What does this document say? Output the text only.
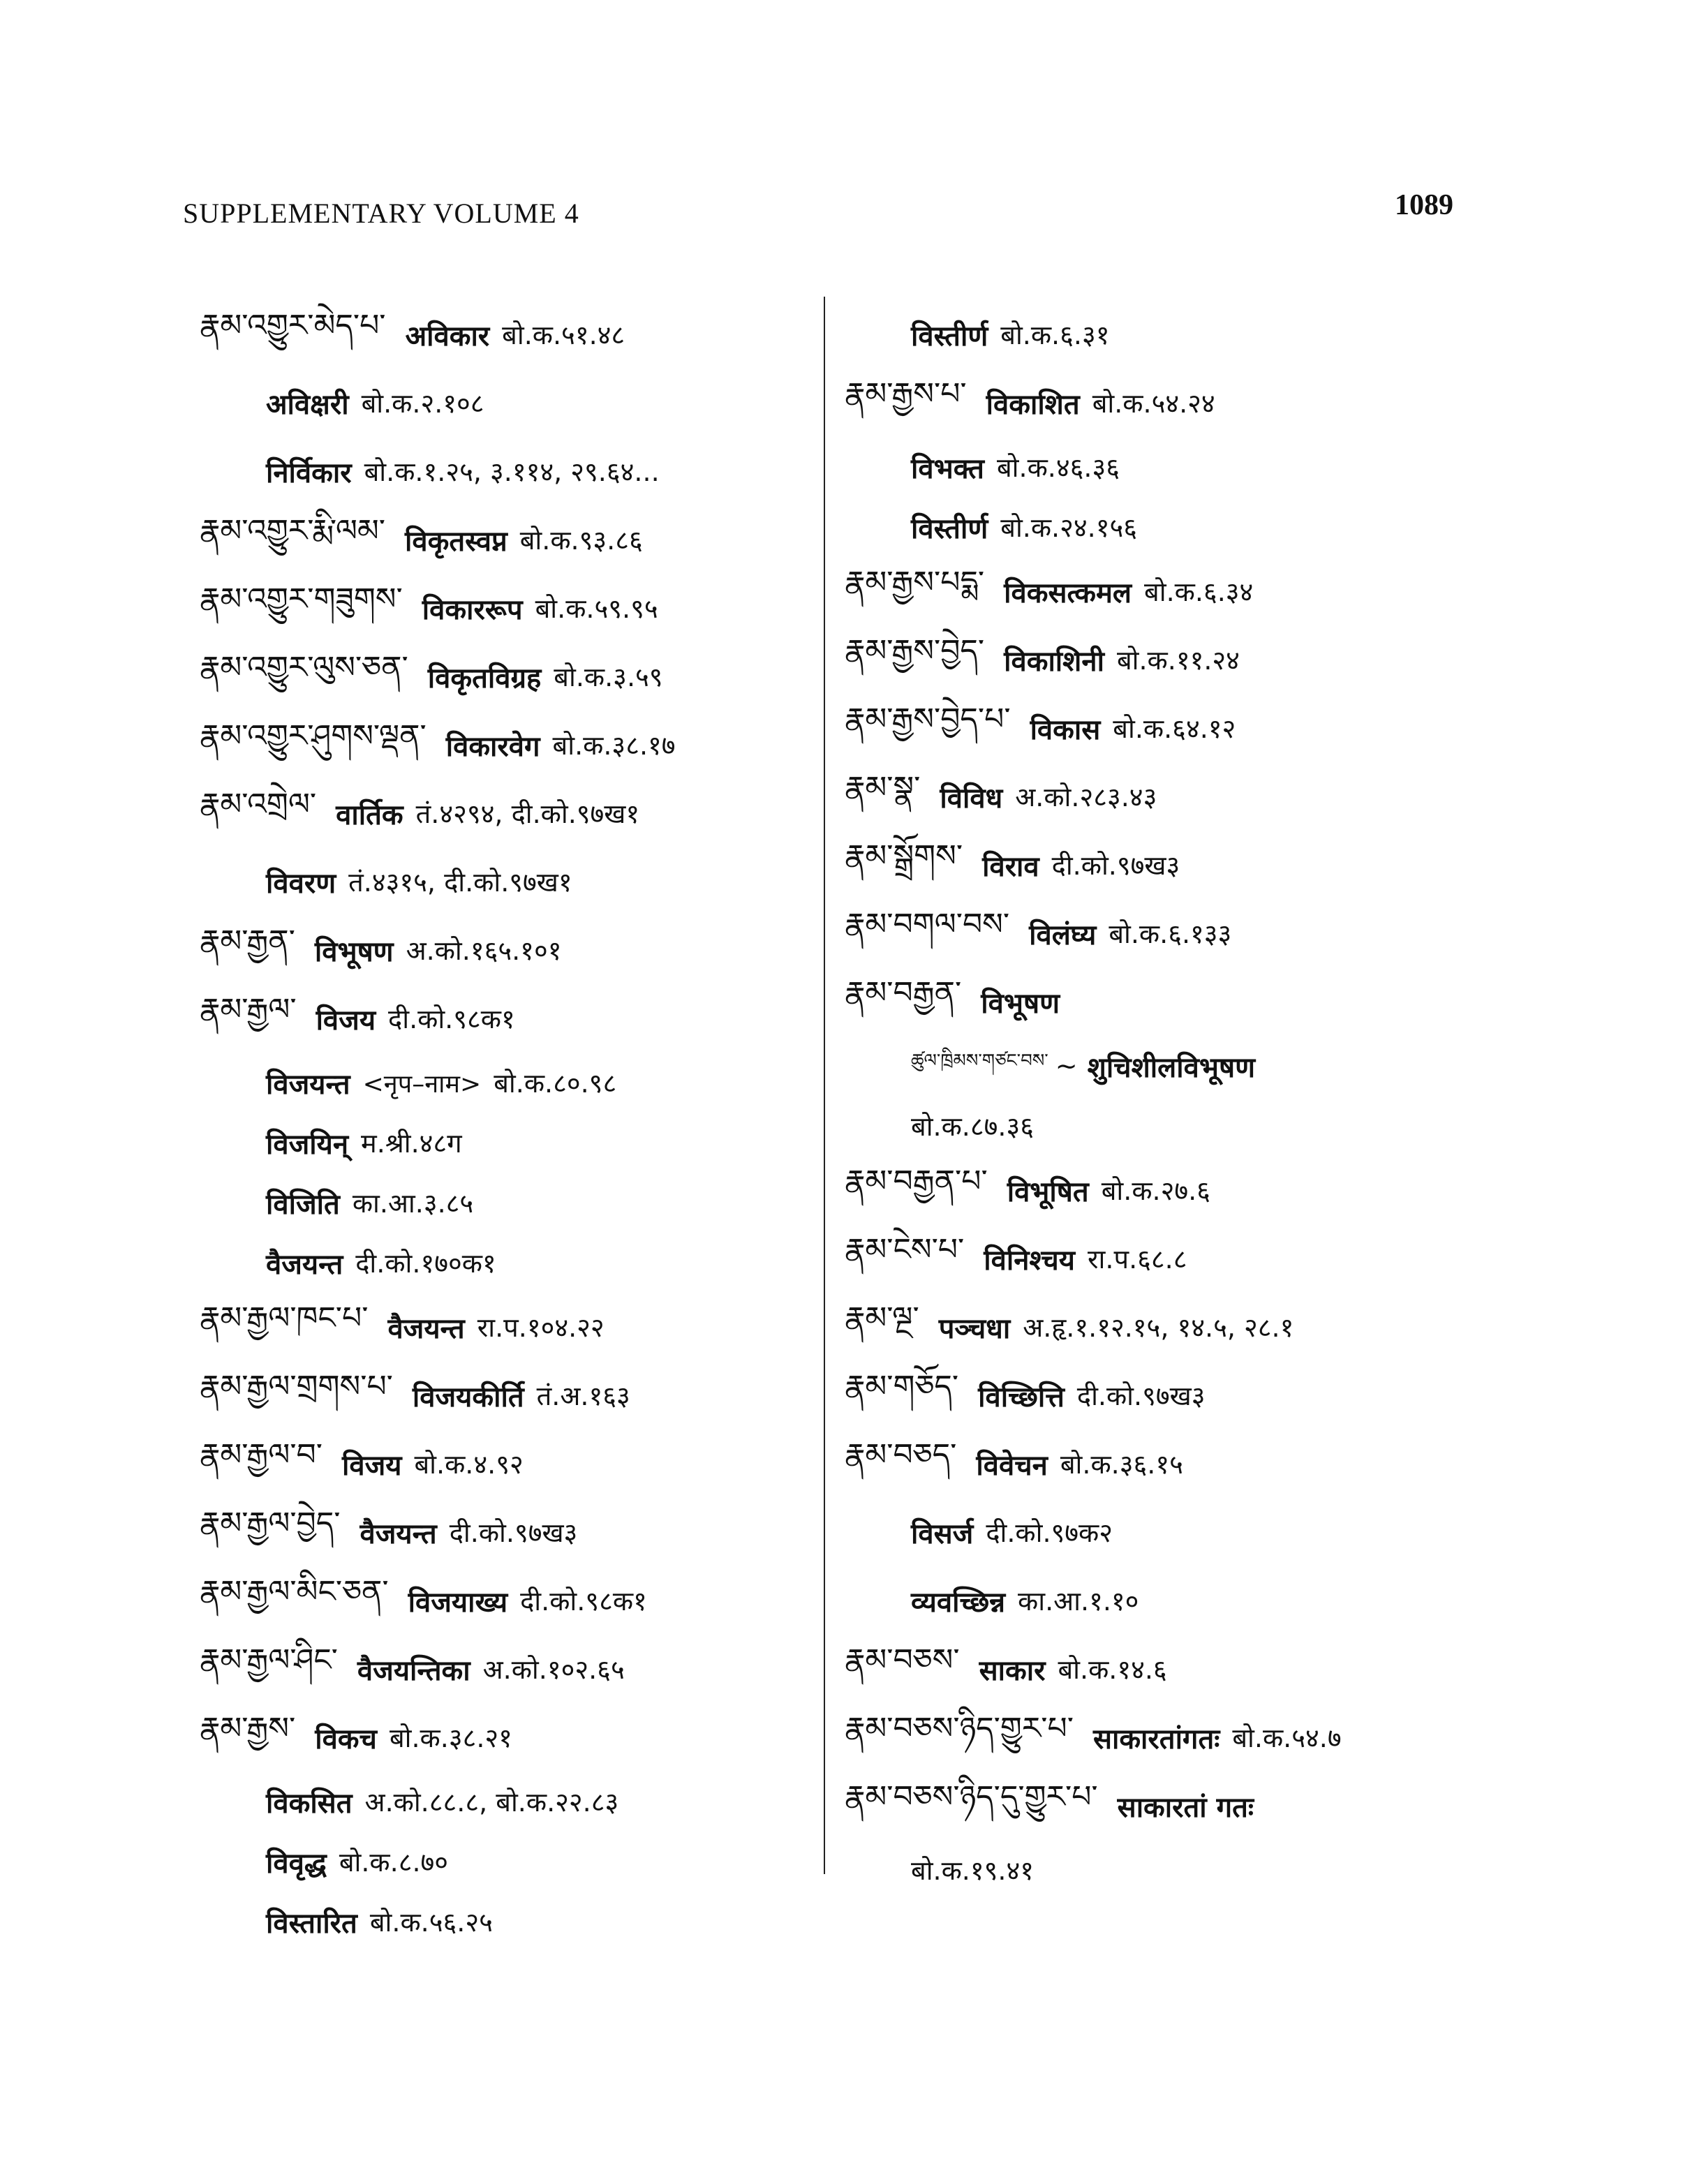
SUPPLEMENTARY VOLUME 4	1089
རྣམ་འགྱུར་མེད་པ་ अविकार बो.क.५१.४८
अविक्षरी बो.क.२.१०८
निर्विकार बो.क.१.२५, ३.११४, २९.६४...
རྣམ་འགྱུར་རྨི་ལམ་ विकृतस्वप्न बो.क.९३.८६
རྣམ་འགྱུར་གཟུགས་ विकाररूप बो.क.५९.९५
རྣམ་འགྱུར་ལུས་ཅན་ विकृतविग्रह बो.क.३.५९
རྣམ་འགྱུར་ཤུགས་ལྡན་ विकारवेग बो.क.३८.१७
རྣམ་འགྲེལ་ वार्तिक तं.४२९४, दी.को.९७ख१
विवरण तं.४३१५, दी.को.९७ख१
རྣམ་རྒྱན་ विभूषण अ.को.१६५.१०१
རྣམ་རྒྱལ་ विजय दी.को.९८क१
विजयन्त <नृप–नाम> बो.क.८०.९८
विजयिन् म.श्री.४८ग
विजिति का.आ.३.८५
वैजयन्त दी.को.१७०क१
རྣམ་རྒྱལ་ཁང་པ་ वैजयन्त रा.प.१०४.२२
རྣམ་རྒྱལ་གྲགས་པ་ विजयकीर्ति तं.अ.१६३
རྣམ་རྒྱལ་བ་ विजय बो.क.४.९२
རྣམ་རྒྱལ་བྱེད་ वैजयन्त दी.को.९७ख३
རྣམ་རྒྱལ་མིང་ཅན་ विजयाख्य दी.को.९८क१
རྣམ་རྒྱལ་ཤིང་ वैजयन्तिका अ.को.१०२.६५
རྣམ་རྒྱས་ विकच बो.क.३८.२१
विकसित अ.को.८८.८, बो.क.२२.८३
विवृद्ध बो.क.८.७०
विस्तारित बो.क.५६.२५
विस्तीर्ण बो.क.६.३१
རྣམ་རྒྱས་པ་ विकाशित बो.क.५४.२४
विभक्त बो.क.४६.३६
विस्तीर्ण बो.क.२४.१५६
རྣམ་རྒྱས་པདྨ་ विकसत्कमल बो.क.६.३४
རྣམ་རྒྱས་བྱེད་ विकाशिनी बो.क.११.२४
རྣམ་རྒྱས་བྱེད་པ་ विकास बो.क.६४.१२
རྣམ་སྣ་ विविध अ.को.२८३.४३
རྣམ་སྒྲོགས་ विराव दी.को.९७ख३
རྣམ་བགལ་བས་ विलंघ्य बो.क.६.१३३
རྣམ་བརྒྱན་ विभूषण
ཚུལ་ཁྲིམས་གཙང་བས་ ~ शुचिशीलविभूषण
बो.क.८७.३६
རྣམ་བརྒྱན་པ་ विभूषित बो.क.२७.६
རྣམ་ངེས་པ་ विनिश्चय रा.प.६८.८
རྣམ་ལྔ་ पञ्चधा अ.हृ.१.१२.१५, १४.५, २८.१
རྣམ་གཅོད་ विच्छित्ति दी.को.९७ख३
རྣམ་བཅད་ विवेचन बो.क.३६.१५
विसर्ज दी.को.९७क२
व्यवच्छिन्न का.आ.१.१०
རྣམ་བཅས་ साकार बो.क.१४.६
རྣམ་བཅས་ཉིད་གྱུར་པ་ साकारतांगतः बो.क.५४.७
རྣམ་བཅས་ཉིད་དུ་གྱུར་པ་ साकारतां गतः
बो.क.१९.४१
